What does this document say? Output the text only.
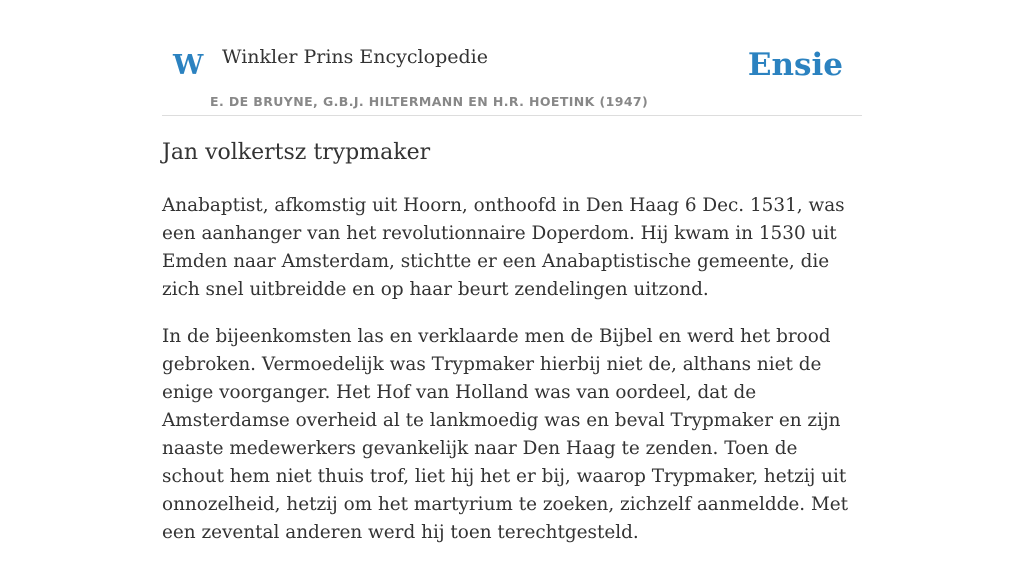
W Winkler Prins Encyclopedie
E. DE BRUYNE, G.B.J. HILTERMANN EN H.R. HOETINK (1947)
Ensie
Jan volkertsz trypmaker

Anabaptist, afkomstig uit Hoorn, onthoofd in Den Haag 6 Dec. 1531, was een aanhanger van het revolutionnaire Doperdom. Hij kwam in 1530 uit Emden naar Amsterdam, stichtte er een Anabaptistische gemeente, die zich snel uitbreidde en op haar beurt zendelingen uitzond.

In de bijeenkomsten las en verklaarde men de Bijbel en werd het brood gebroken. Vermoedelijk was Trypmaker hierbij niet de, althans niet de enige voorganger. Het Hof van Holland was van oordeel, dat de Amsterdamse overheid al te lankmoedig was en beval Trypmaker en zijn naaste medewerkers gevankelijk naar Den Haag te zenden. Toen de schout hem niet thuis trof, liet hij het er bij, waarop Trypmaker, hetzij uit onnozelheid, hetzij om het martyrium te zoeken, zichzelf aanmeldde. Met een zevental anderen werd hij toen terechtgesteld.
